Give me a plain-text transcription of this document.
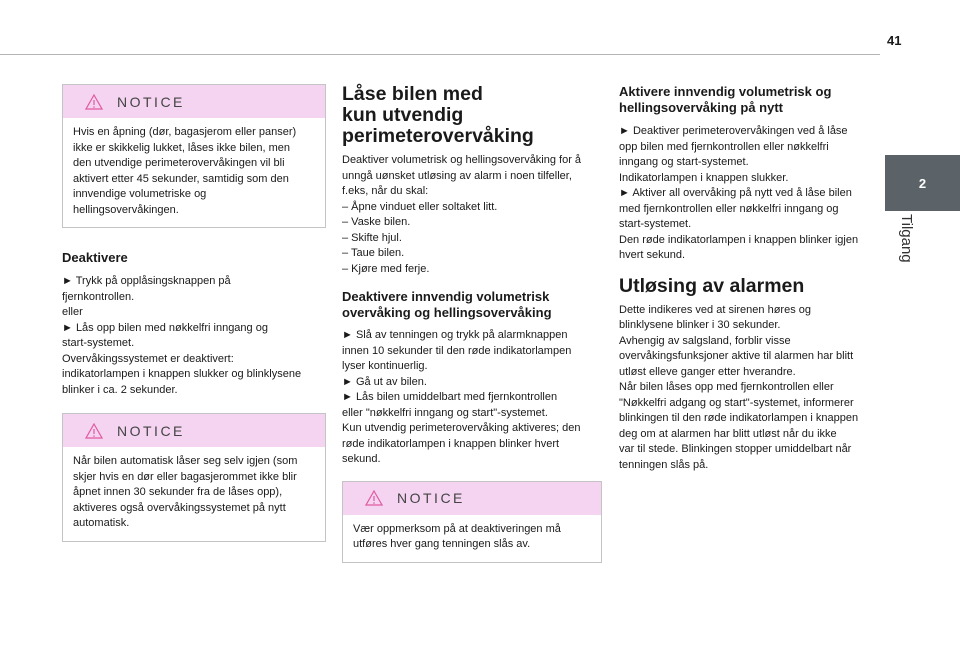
41
2
Tilgang
NOTICE

Hvis en åpning (dør, bagasjerom eller panser)

ikke er skikkelig lukket, låses ikke bilen, men

den utvendige perimeterovervåkingen vil bli

aktivert etter 45 sekunder, samtidig som den

innvendige volumetriske og

hellingsovervåkingen.

Deaktivere

► Trykk på opplåsingsknappen på

fjernkontrollen.

eller

► Lås opp bilen med nøkkelfri inngang og

start-systemet.

Overvåkingssystemet er deaktivert:

indikatorlampen i knappen slukker og blinklysene

blinker i ca. 2 sekunder.

NOTICE

Når bilen automatisk låser seg selv igjen (som

skjer hvis en dør eller bagasjerommet ikke blir

åpnet innen 30 sekunder fra de låses opp),

aktiveres også overvåkingssystemet på nytt

automatisk.

Låse bilen med
kun utvendig
perimeterovervåking

Deaktiver volumetrisk og hellingsovervåking for å

unngå uønsket utløsing av alarm i noen tilfeller,

f.eks, når du skal:

– Åpne vinduet eller soltaket litt.

– Vaske bilen.

– Skifte hjul.

– Taue bilen.

– Kjøre med ferje.

Deaktivere innvendig volumetrisk
overvåking og hellingsovervåking

► Slå av tenningen og trykk på alarmknappen

innen 10 sekunder til den røde indikatorlampen

lyser kontinuerlig.

► Gå ut av bilen.

► Lås bilen umiddelbart med fjernkontrollen

eller "nøkkelfri inngang og start"-systemet.

Kun utvendig perimeterovervåking aktiveres; den

røde indikatorlampen i knappen blinker hvert

sekund.

NOTICE

Vær oppmerksom på at deaktiveringen må

utføres hver gang tenningen slås av.

Aktivere innvendig volumetrisk og
hellingsovervåking på nytt

► Deaktiver perimeterovervåkingen ved å låse

opp bilen med fjernkontrollen eller nøkkelfri

inngang og start-systemet.

Indikatorlampen i knappen slukker.

► Aktiver all overvåking på nytt ved å låse bilen

med fjernkontrollen eller nøkkelfri inngang og

start-systemet.

Den røde indikatorlampen i knappen blinker igjen

hvert sekund.

Utløsing av alarmen

Dette indikeres ved at sirenen høres og

blinklysene blinker i 30 sekunder.

Avhengig av salgsland, forblir visse

overvåkingsfunksjoner aktive til alarmen har blitt

utløst elleve ganger etter hverandre.

Når bilen låses opp med fjernkontrollen eller

"Nøkkelfri adgang og start"-systemet, informerer

blinkingen til den røde indikatorlampen i knappen

deg om at alarmen har blitt utløst når du ikke

var til stede. Blinkingen stopper umiddelbart når

tenningen slås på.
